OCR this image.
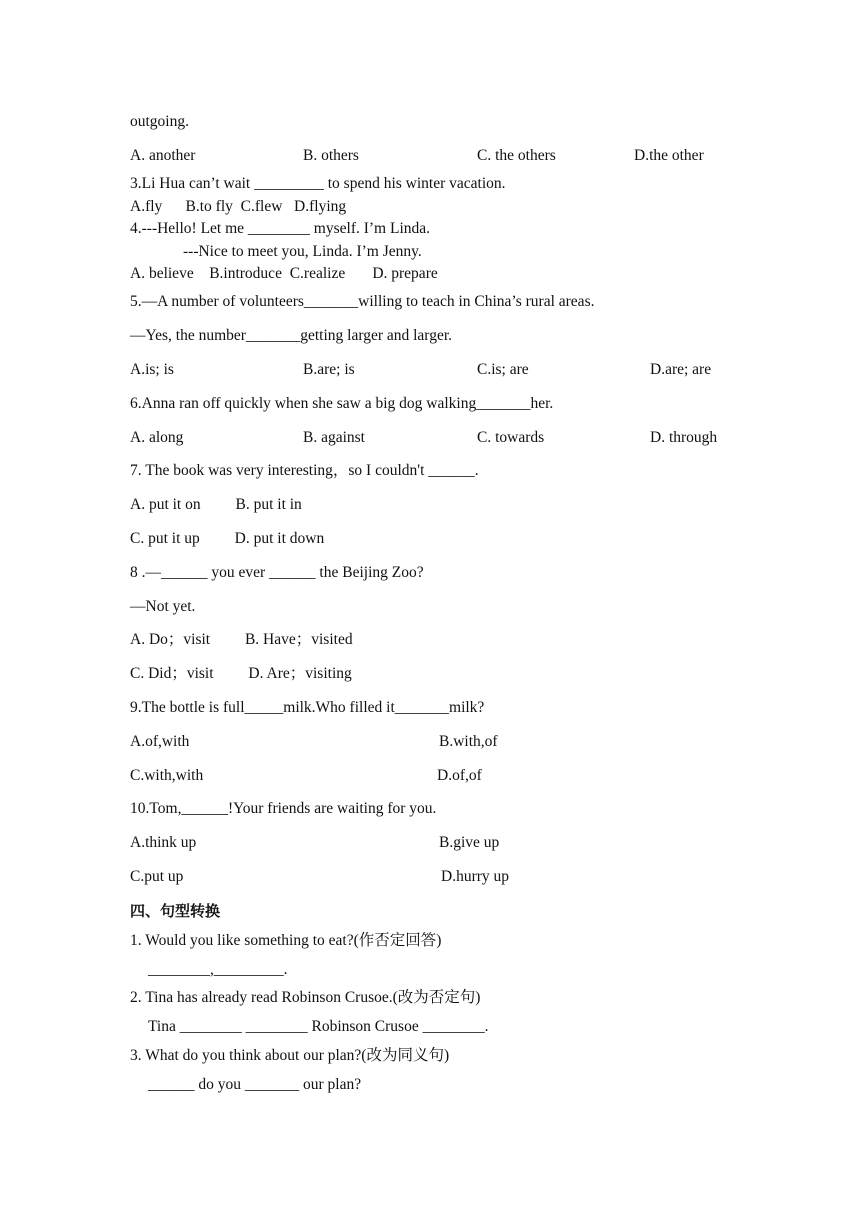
outgoing.
A. another	B. others	C. the others	D.the other
3.Li Hua can’t wait _________ to spend his winter vacation.
A.fly      B.to fly  C.flew   D.flying
4.---Hello! Let me ________ myself. I’m Linda.
---Nice to meet you, Linda. I’m Jenny.
A. believe    B.introduce  C.realize       D. prepare
5.—A number of volunteers_______willing to teach in China’s rural areas.
—Yes, the number_______getting larger and larger.
A.is; is	B.are; is	C.is; are	D.are; are
6.Anna ran off quickly when she saw a big dog walking_______her.
A. along	B. against	C. towards	D. through
7. The book was very interesting，so I couldn't ______.
A. put it on         B. put it in
C. put it up         D. put it down
8 .—______ you ever ______ the Beijing Zoo?
—Not yet.
A. Do；visit         B. Have；visited
C. Did；visit         D. Are；visiting
9.The bottle is full_____milk.Who filled it_______milk?
A.of,with	B.with,of
C.with,with	D.of,of
10.Tom,______!Your friends are waiting for you.
A.think up	B.give up
C.put up	D.hurry up
四、句型转换
1. Would you like something to eat?(作否定回答)
________,_________.
2. Tina has already read Robinson Crusoe.(改为否定句)
Tina ________ ________ Robinson Crusoe ________.
3. What do you think about our plan?(改为同义句)
______ do you _______ our plan?
